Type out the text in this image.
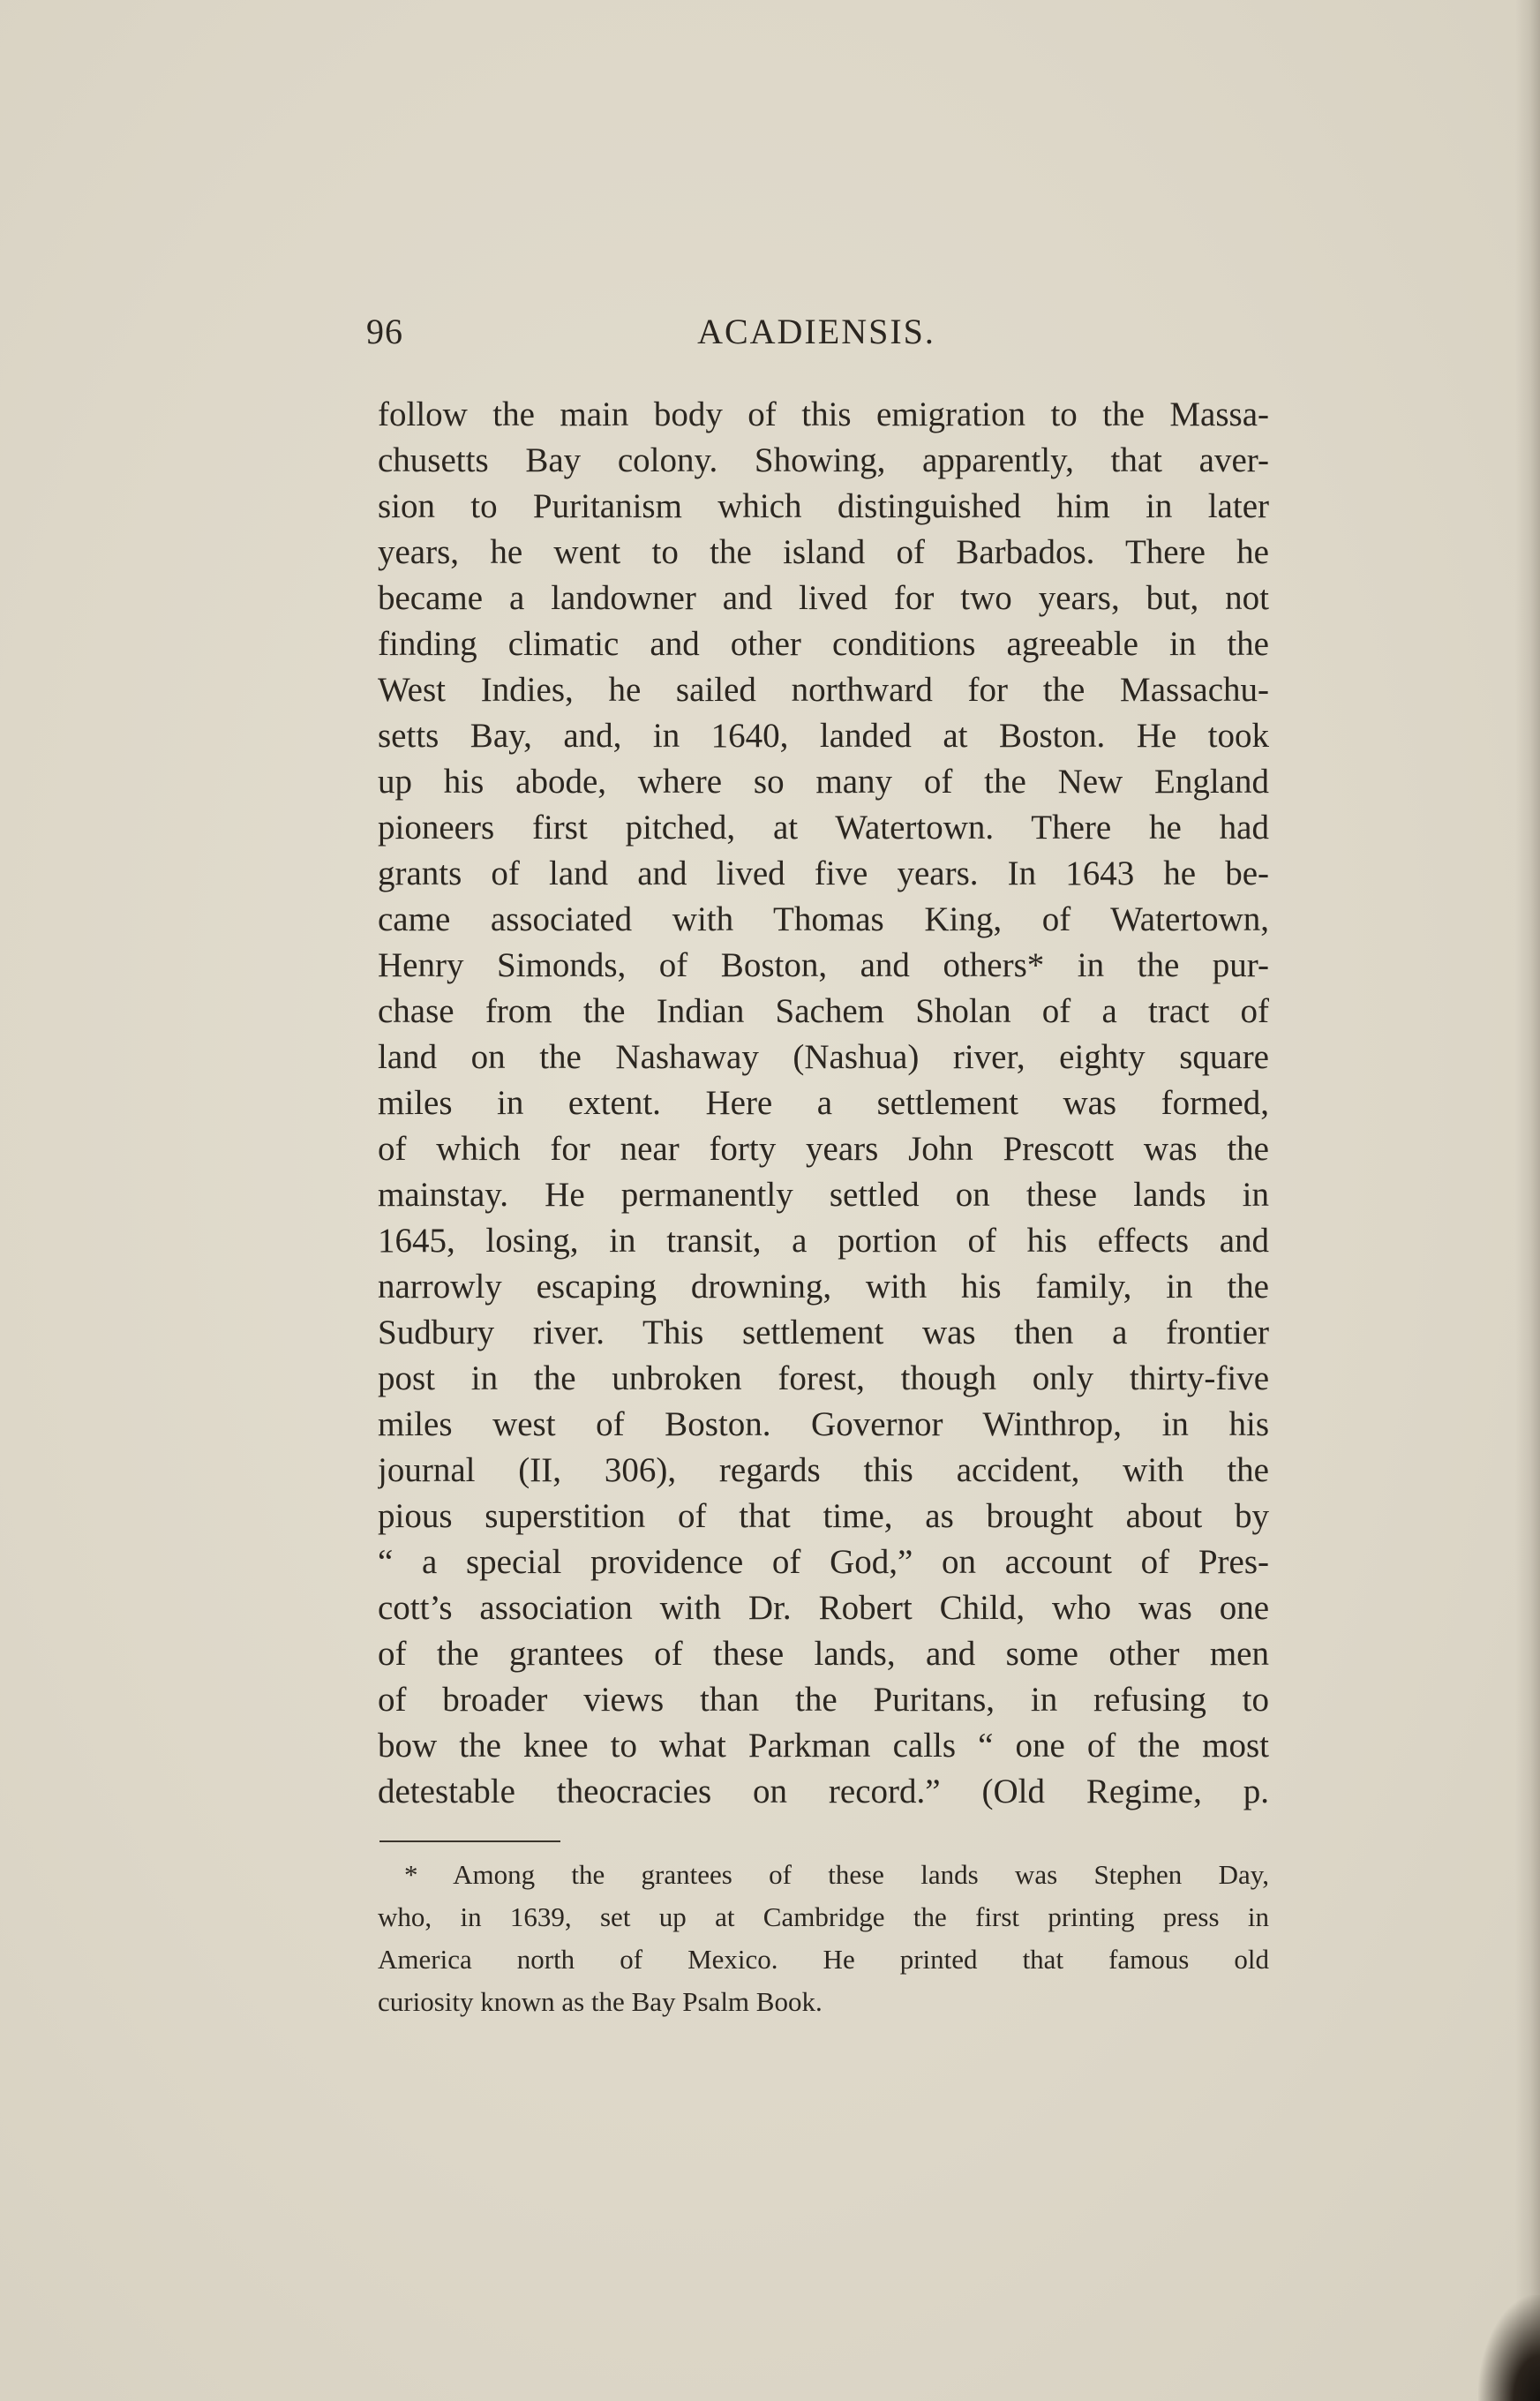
96	ACADIENSIS.
follow the main body of this emigration to the Massa-
chusetts Bay colony. Showing, apparently, that aver-
sion to Puritanism which distinguished him in later
years, he went to the island of Barbados. There he
became a landowner and lived for two years, but, not
finding climatic and other conditions agreeable in the
West Indies, he sailed northward for the Massachu-
setts Bay, and, in 1640, landed at Boston. He took
up his abode, where so many of the New England
pioneers first pitched, at Watertown. There he had
grants of land and lived five years. In 1643 he be-
came associated with Thomas King, of Watertown,
Henry Simonds, of Boston, and others* in the pur-
chase from the Indian Sachem Sholan of a tract of
land on the Nashaway (Nashua) river, eighty square
miles in extent. Here a settlement was formed,
of which for near forty years John Prescott was the
mainstay. He permanently settled on these lands in
1645, losing, in transit, a portion of his effects and
narrowly escaping drowning, with his family, in the
Sudbury river. This settlement was then a frontier
post in the unbroken forest, though only thirty-five
miles west of Boston. Governor Winthrop, in his
journal (II, 306), regards this accident, with the
pious superstition of that time, as brought about by
“ a special providence of God,” on account of Pres-
cott’s association with Dr. Robert Child, who was one
of the grantees of these lands, and some other men
of broader views than the Puritans, in refusing to
bow the knee to what Parkman calls “ one of the most
detestable theocracies on record.” (Old Regime, p.
* Among the grantees of these lands was Stephen Day,
who, in 1639, set up at Cambridge the first printing press in
America north of Mexico. He printed that famous old
curiosity known as the Bay Psalm Book.
